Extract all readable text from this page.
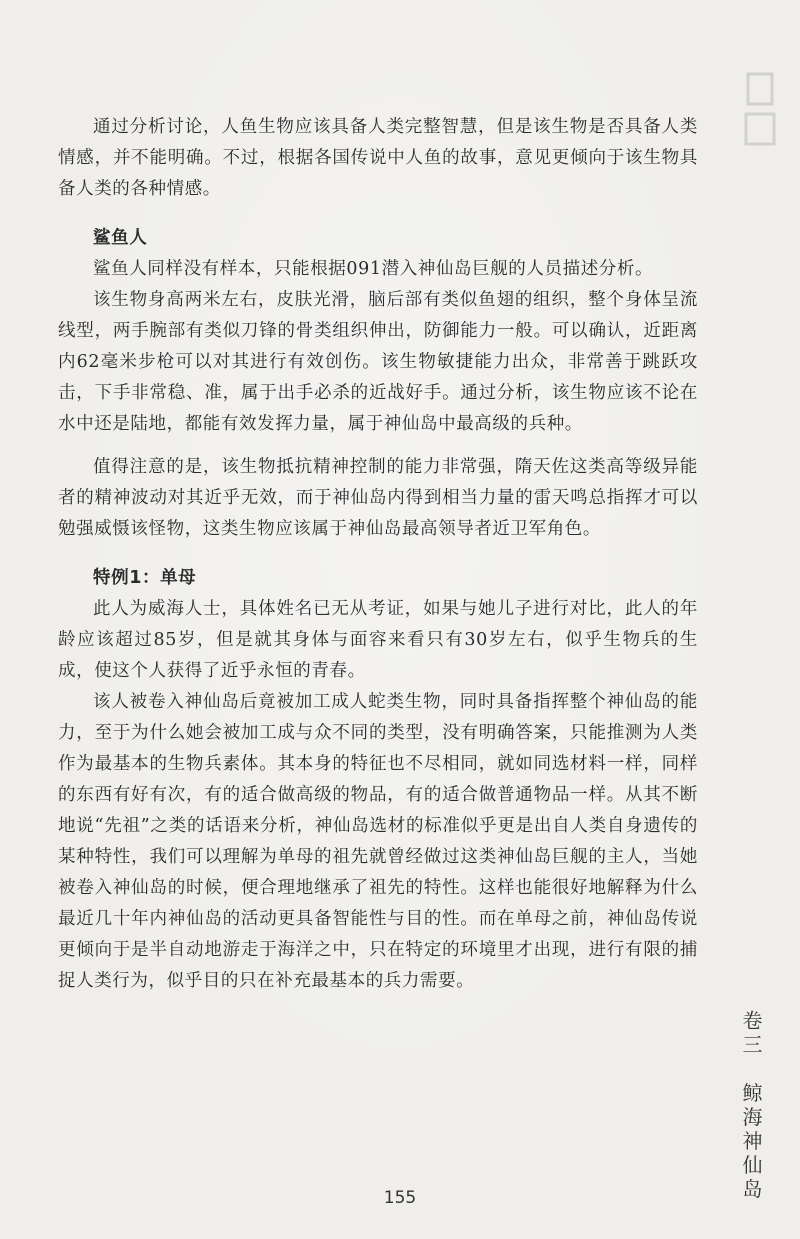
通过分析讨论，人鱼生物应该具备人类完整智慧，但是该生物是否具备人类情感，并不能明确。不过，根据各国传说中人鱼的故事，意见更倾向于该生物具备人类的各种情感。

鲨鱼人

鲨鱼人同样没有样本，只能根据091潜入神仙岛巨舰的人员描述分析。

该生物身高两米左右，皮肤光滑，脑后部有类似鱼翅的组织，整个身体呈流线型，两手腕部有类似刀锋的骨类组织伸出，防御能力一般。可以确认，近距离内62毫米步枪可以对其进行有效创伤。该生物敏捷能力出众，非常善于跳跃攻击，下手非常稳、准，属于出手必杀的近战好手。通过分析，该生物应该不论在水中还是陆地，都能有效发挥力量，属于神仙岛中最高级的兵种。

值得注意的是，该生物抵抗精神控制的能力非常强，隋天佐这类高等级异能者的精神波动对其近乎无效，而于神仙岛内得到相当力量的雷天鸣总指挥才可以勉强威慑该怪物，这类生物应该属于神仙岛最高领导者近卫军角色。

特例1：单母

此人为威海人士，具体姓名已无从考证，如果与她儿子进行对比，此人的年龄应该超过85岁，但是就其身体与面容来看只有30岁左右，似乎生物兵的生成，使这个人获得了近乎永恒的青春。

该人被卷入神仙岛后竟被加工成人蛇类生物，同时具备指挥整个神仙岛的能力，至于为什么她会被加工成与众不同的类型，没有明确答案，只能推测为人类作为最基本的生物兵素体。其本身的特征也不尽相同，就如同选材料一样，同样的东西有好有次，有的适合做高级的物品，有的适合做普通物品一样。从其不断地说“先祖”之类的话语来分析，神仙岛选材的标准似乎更是出自人类自身遗传的某种特性，我们可以理解为单母的祖先就曾经做过这类神仙岛巨舰的主人，当她被卷入神仙岛的时候，便合理地继承了祖先的特性。这样也能很好地解释为什么最近几十年内神仙岛的活动更具备智能性与目的性。而在单母之前，神仙岛传说更倾向于是半自动地游走于海洋之中，只在特定的环境里才出现，进行有限的捕捉人类行为，似乎目的只在补充最基本的兵力需要。

卷三 鲸海神仙岛
155
